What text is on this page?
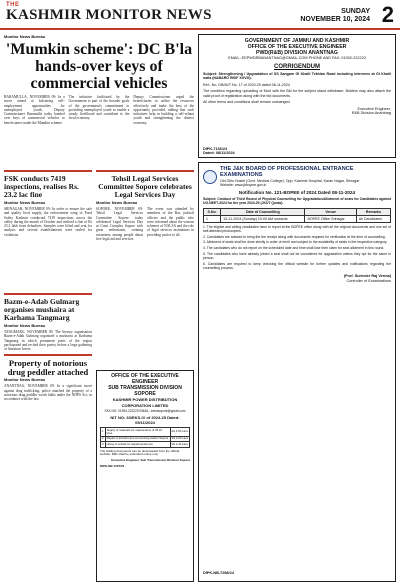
THE
KASHMIR MONITOR NEWS	SUNDAY
NOVEMBER 10, 2024 2
Monitor News Bureau
'Mumkin scheme': DC B'la hands-over keys of commercial vehicles
BARAMULLA, NOVEMBER 09: In a move aimed at bolstering self-employment opportunities for unemployed youth, Deputy Commissioner Baramulla today handed over keys of commercial vehicles to beneficiaries under the Mumkin scheme.
The initiative facilitated by the Government is part of the broader goals of the government's commitment to providing unemployed youth to enable a steady livelihood and contribute to the local economy.
Deputy Commissioner urged the beneficiaries to utilise the resources effectively and make the best of the opportunity provided, adding that such initiatives help in building a self-reliant youth and strengthening the district economy.
FSK conducts 7419 inspections, realises Rs. 23.2 lac fine
Monitor News Bureau
SRINAGAR, NOVEMBER 09: In order to ensure the safe and quality food supply, the enforcement wing of Food Safety Kashmir conducted 7419 inspections across the valley during the month of October and realised a fine of Rs 23.2 lakh from defaulters. Samples were lifted and sent for analysis and several establishments were sealed for violations.
Bazm-e-Adab Gulmarg organises mushaira at Karhama Tangmarg
Monitor News Bureau
TANGMARG, NOVEMBER 09: The literary organisation Bazm-e-Adab Gulmarg organised a mushaira at Karhama Tangmarg in which prominent poets of the region participated and recited their poetry before a large gathering of literature lovers.
Property of notorious drug peddler attached
Monitor News Bureau
ANANTNAG, NOVEMBER 09: In a significant move against drug trafficking, police attached the property of a notorious drug peddler worth lakhs under the NDPS Act, in accordance with the law.
Tehsil Legal Services Committee Sopore celebrates Legal Services Day
Monitor News Bureau
SOPORE, NOVEMBER 09: Tehsil Legal Services Committee Sopore today celebrated Legal Services Day at Court Complex Sopore with great enthusiasm, creating awareness among people about free legal aid and services.
The event was attended by members of the Bar, judicial officers and the public who were informed about the various schemes of NALSA and the role of legal services institutions in providing justice to all.
OFFICE OF THE EXECUTIVE ENGINEER
SUB TRANSMISSION DIVISION SOPORE
KASHMIR POWER DISTRIBUTION CORPORATION LIMITED
FAX NO: 01954-222225 EMAIL: eeedsopore@gmail.com
NIT NO: 33/EKS-IV of 2024-25 Dated: 09/11/2024
1	Supply of materials for maintenance of 33 kV lines	Rs 4.50 Lacs
2	Repair of transformers at receiving station Sopore	Rs 3.20 Lacs
3	Hiring of vehicle for departmental use	Rs 2.10 Lacs
The bidding documents can be downloaded from the official website. Bids shall be submitted online only.
Executive Engineer, Sub Transmission Division Sopore
DIPK-NB-7297/24
GOVERNMENT OF JAMMU AND KASHMIR
OFFICE OF THE EXECUTIVE ENGINEER
PWD(R&B) DIVISION ANANTNAG
EMAIL: EEPWDRBANANTNAG@GMAIL.COM PHONE AND FAX: 01932-222222
CORRIGENDUM
Subject: Strengthening / Upgradation of SS Sangam GI Khalil Tekhlan Road including internees at GI Khalil nalla (NABARD RIDF XXVIII).
Ref:- No. DB/AVT No. 17 of 2024-25 dated 06-11-2024
The condition regarding uploading of MoU with the Bid for the subject stand withdrawn. Bidders may also attach the valid proof of registration along with the bid documents.
All other terms and conditions shall remain unchanged.
Executive Engineer,
R&B Division Anantnag
DIPK-7136/24
Dated: 08/11/2024
THE J&K BOARD OF PROFESSIONAL ENTRANCE EXAMINATIONS
Old Girls Hostel (Govt. Medical College), Opp. Kashmir Hospital, Karan Nagar, Srinagar
Website: www.jkbopee.gov.in
Notification No. 121-BOPEE of 2024 Dated 08-11-2024
Subject: Conduct of Third Round of Physical Counselling for Upgradation/Allotment of seats for Candidates against UG-NEET-2024 for the year 2024-25 (JKUT Quota).
S.No.	Date of Counselling	Venue	Remarks
1	10-11-2024 (Sunday) 10:00 AM onwards	BOPEE Office Srinagar	All Candidates

1. The eligible and willing candidates have to report at the BOPEE office along with all the original documents and one set of self-attested photocopies.

2. Candidates are advised to bring the fee receipt along with documents required for verification at the time of counselling.

3. Allotment of seats shall be done strictly in order of merit and subject to the availability of seats in the respective category.

4. The candidates who do not report on the scheduled date and time shall lose their claim for seat allotment in this round.

5. The candidates who have already joined a seat shall not be considered for upgradation unless they opt for the same in person.

6. Candidates are required to keep checking the official website for further updates and notifications regarding the counselling process.

(Prof. Surinder Raj Verma)
Controller of Examinations
DIPK-NB-7298/24
